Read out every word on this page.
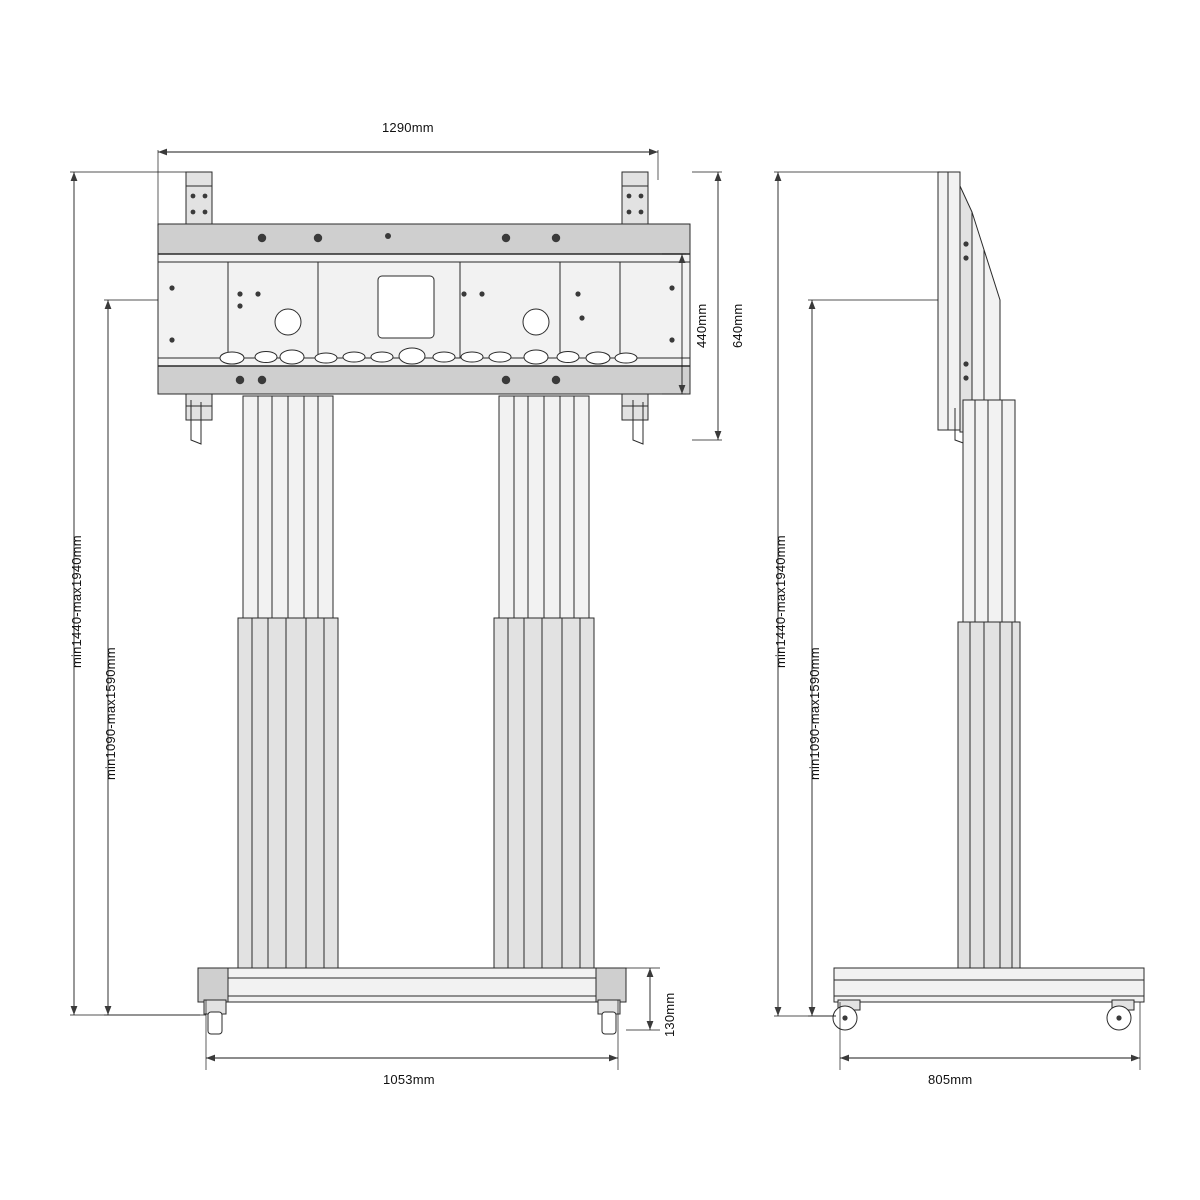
1290mm
440mm 640mm
min1440-max1940mm
min1090-max1590mm
130mm
1053mm
min1440-max1940mm
min1090-max1590mm
805mm
